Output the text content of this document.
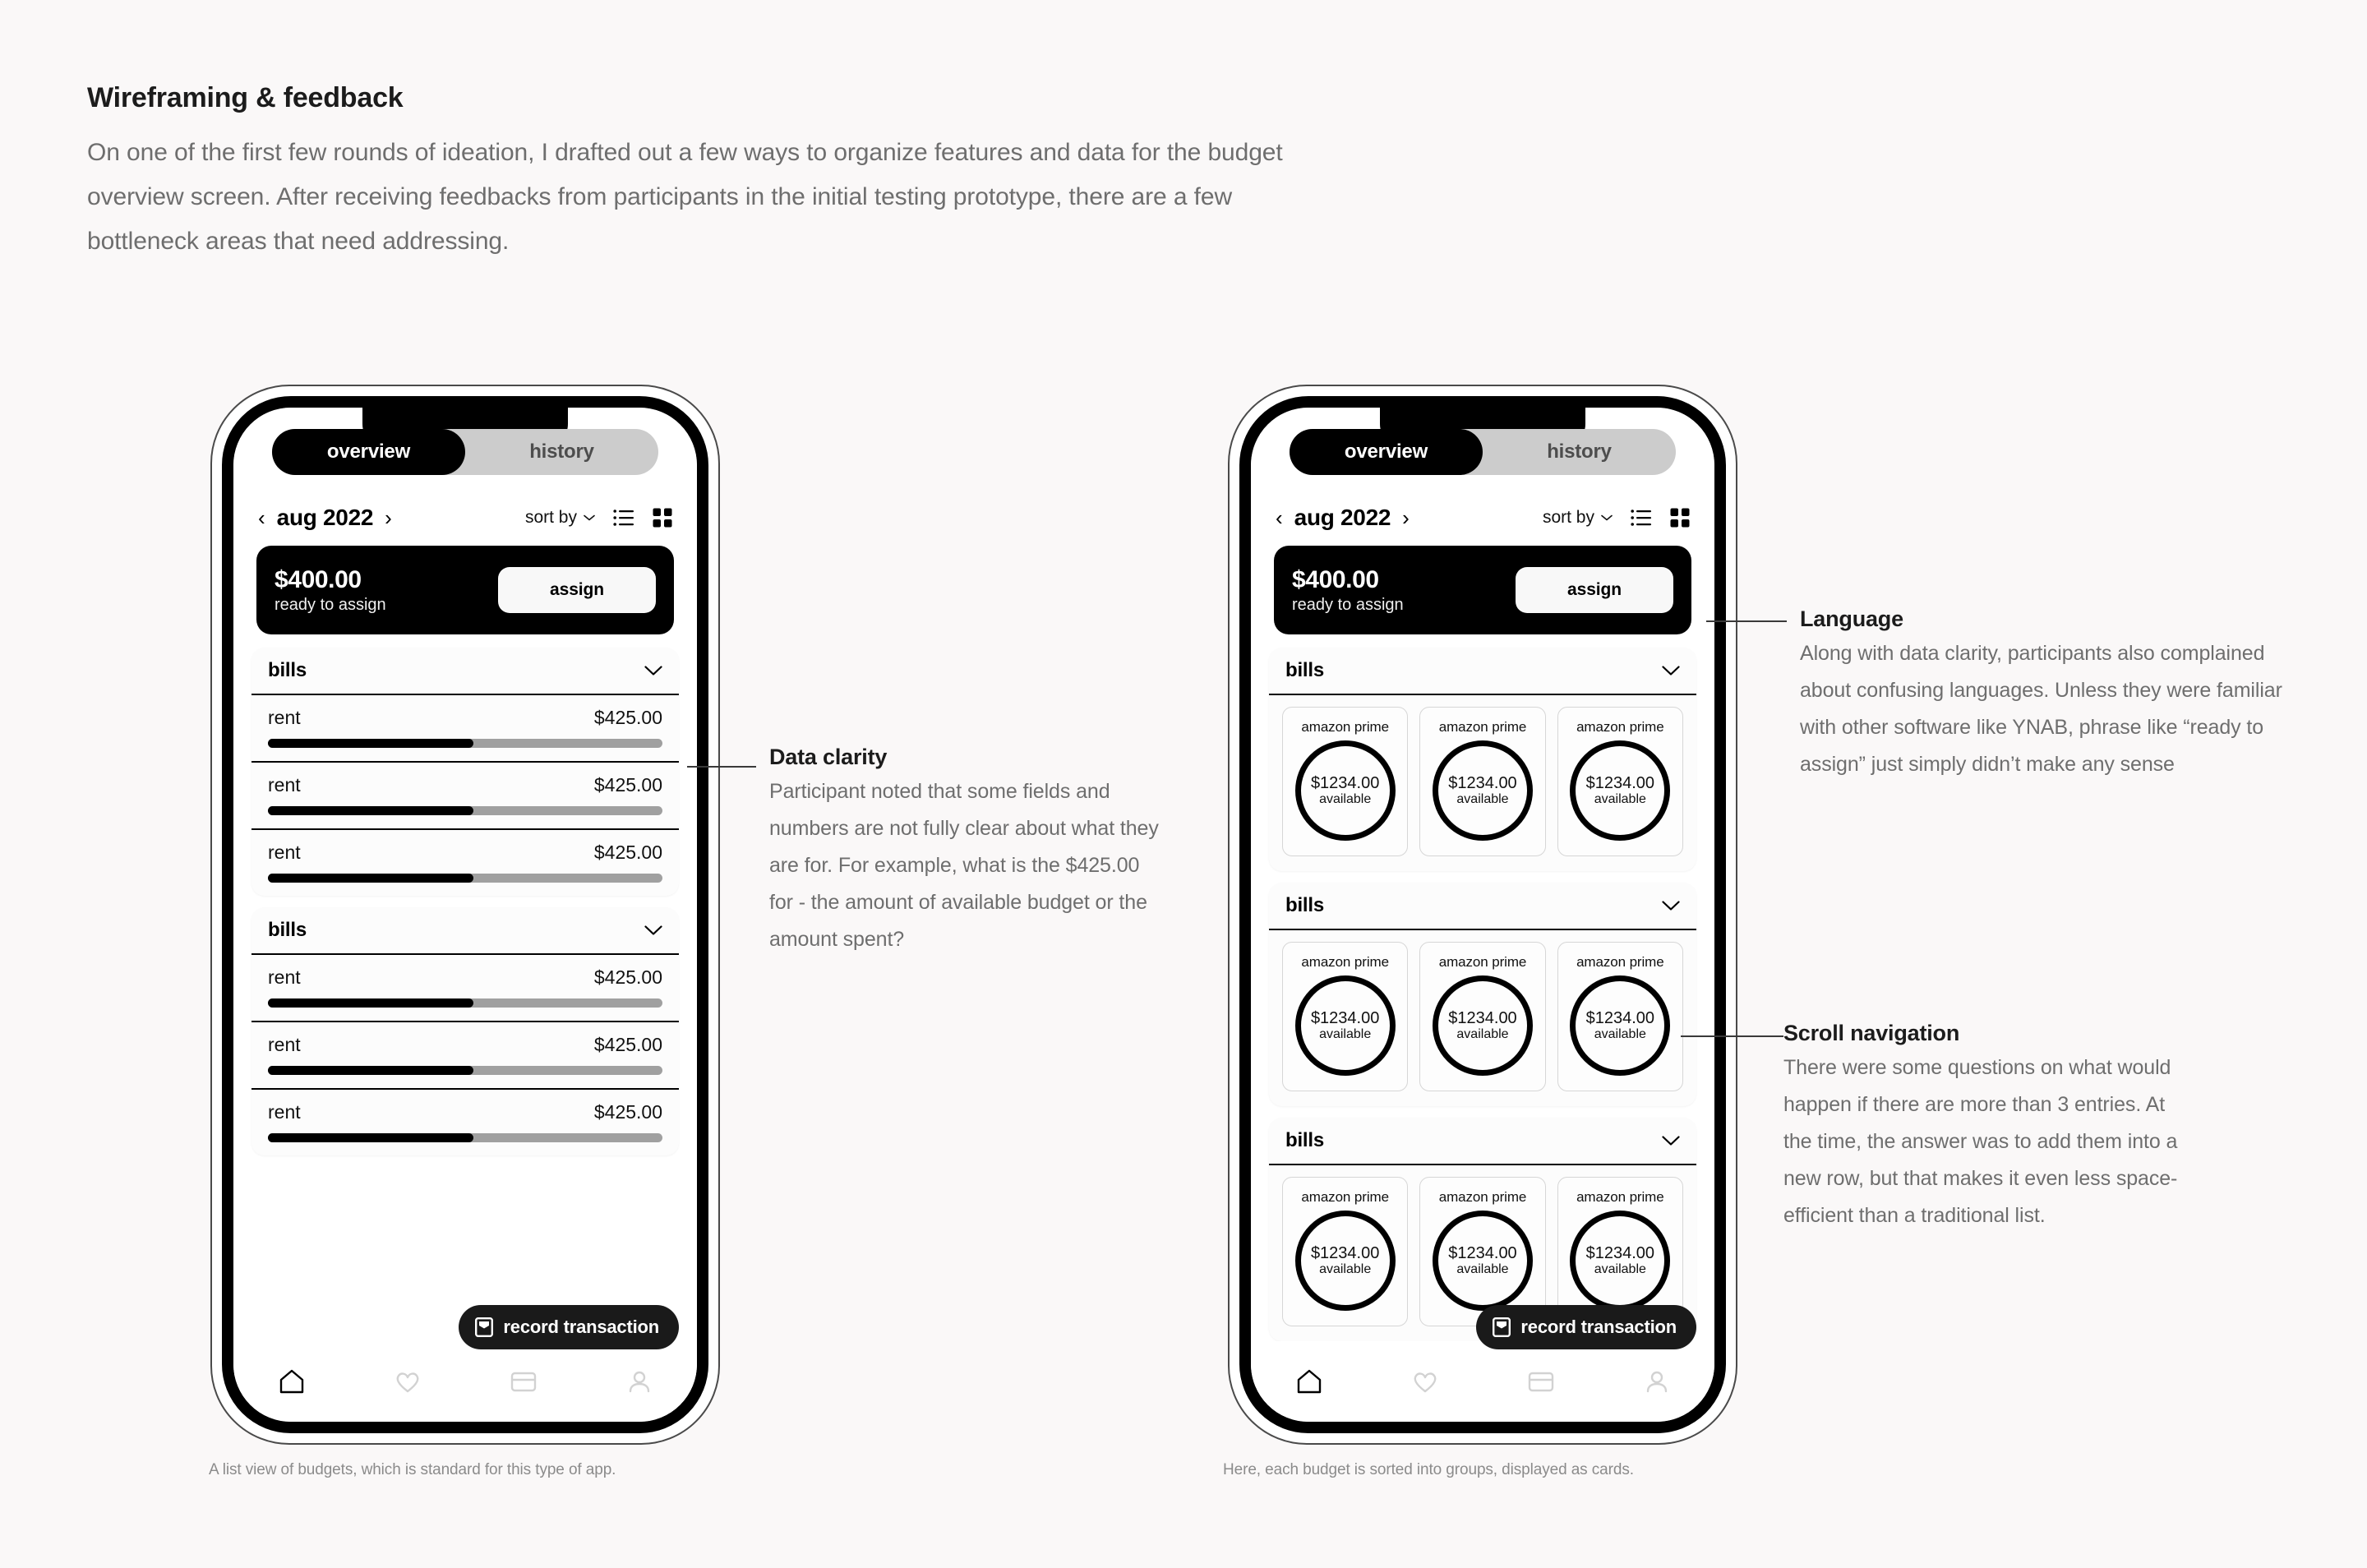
Wireframing & feedback
On one of the first few rounds of ideation, I drafted out a few ways to organize features and data for the budget overview screen. After receiving feedbacks from participants in the initial testing prototype, there are a few bottleneck areas that need addressing.
overview	history
‹ aug 2022 ›	sort by
$400.00
ready to assign
assign
bills
rent	$425.00
rent	$425.00
rent	$425.00
bills
rent	$425.00
rent	$425.00
rent	$425.00
record transaction
A list view of budgets, which is standard for this type of app.
Data clarity
Participant noted that some fields and numbers are not fully clear about what they are for. For example, what is the $425.00 for - the amount of available budget or the amount spent?
overview	history
‹ aug 2022 ›	sort by
$400.00
ready to assign
assign
bills
amazon prime
$1234.00
available
amazon prime
$1234.00
available
amazon prime
$1234.00
available
bills
amazon prime
$1234.00
available
amazon prime
$1234.00
available
amazon prime
$1234.00
available
bills
amazon prime
$1234.00
available
amazon prime
$1234.00
available
amazon prime
$1234.00
available
record transaction
Here, each budget is sorted into groups, displayed as cards.
Language
Along with data clarity, participants also complained about confusing languages. Unless they were familiar with other software like YNAB, phrase like “ready to assign” just simply didn’t make any sense
Scroll navigation
There were some questions on what would happen if there are more than 3 entries. At the time, the answer was to add them into a new row, but that makes it even less space-efficient than a traditional list.
